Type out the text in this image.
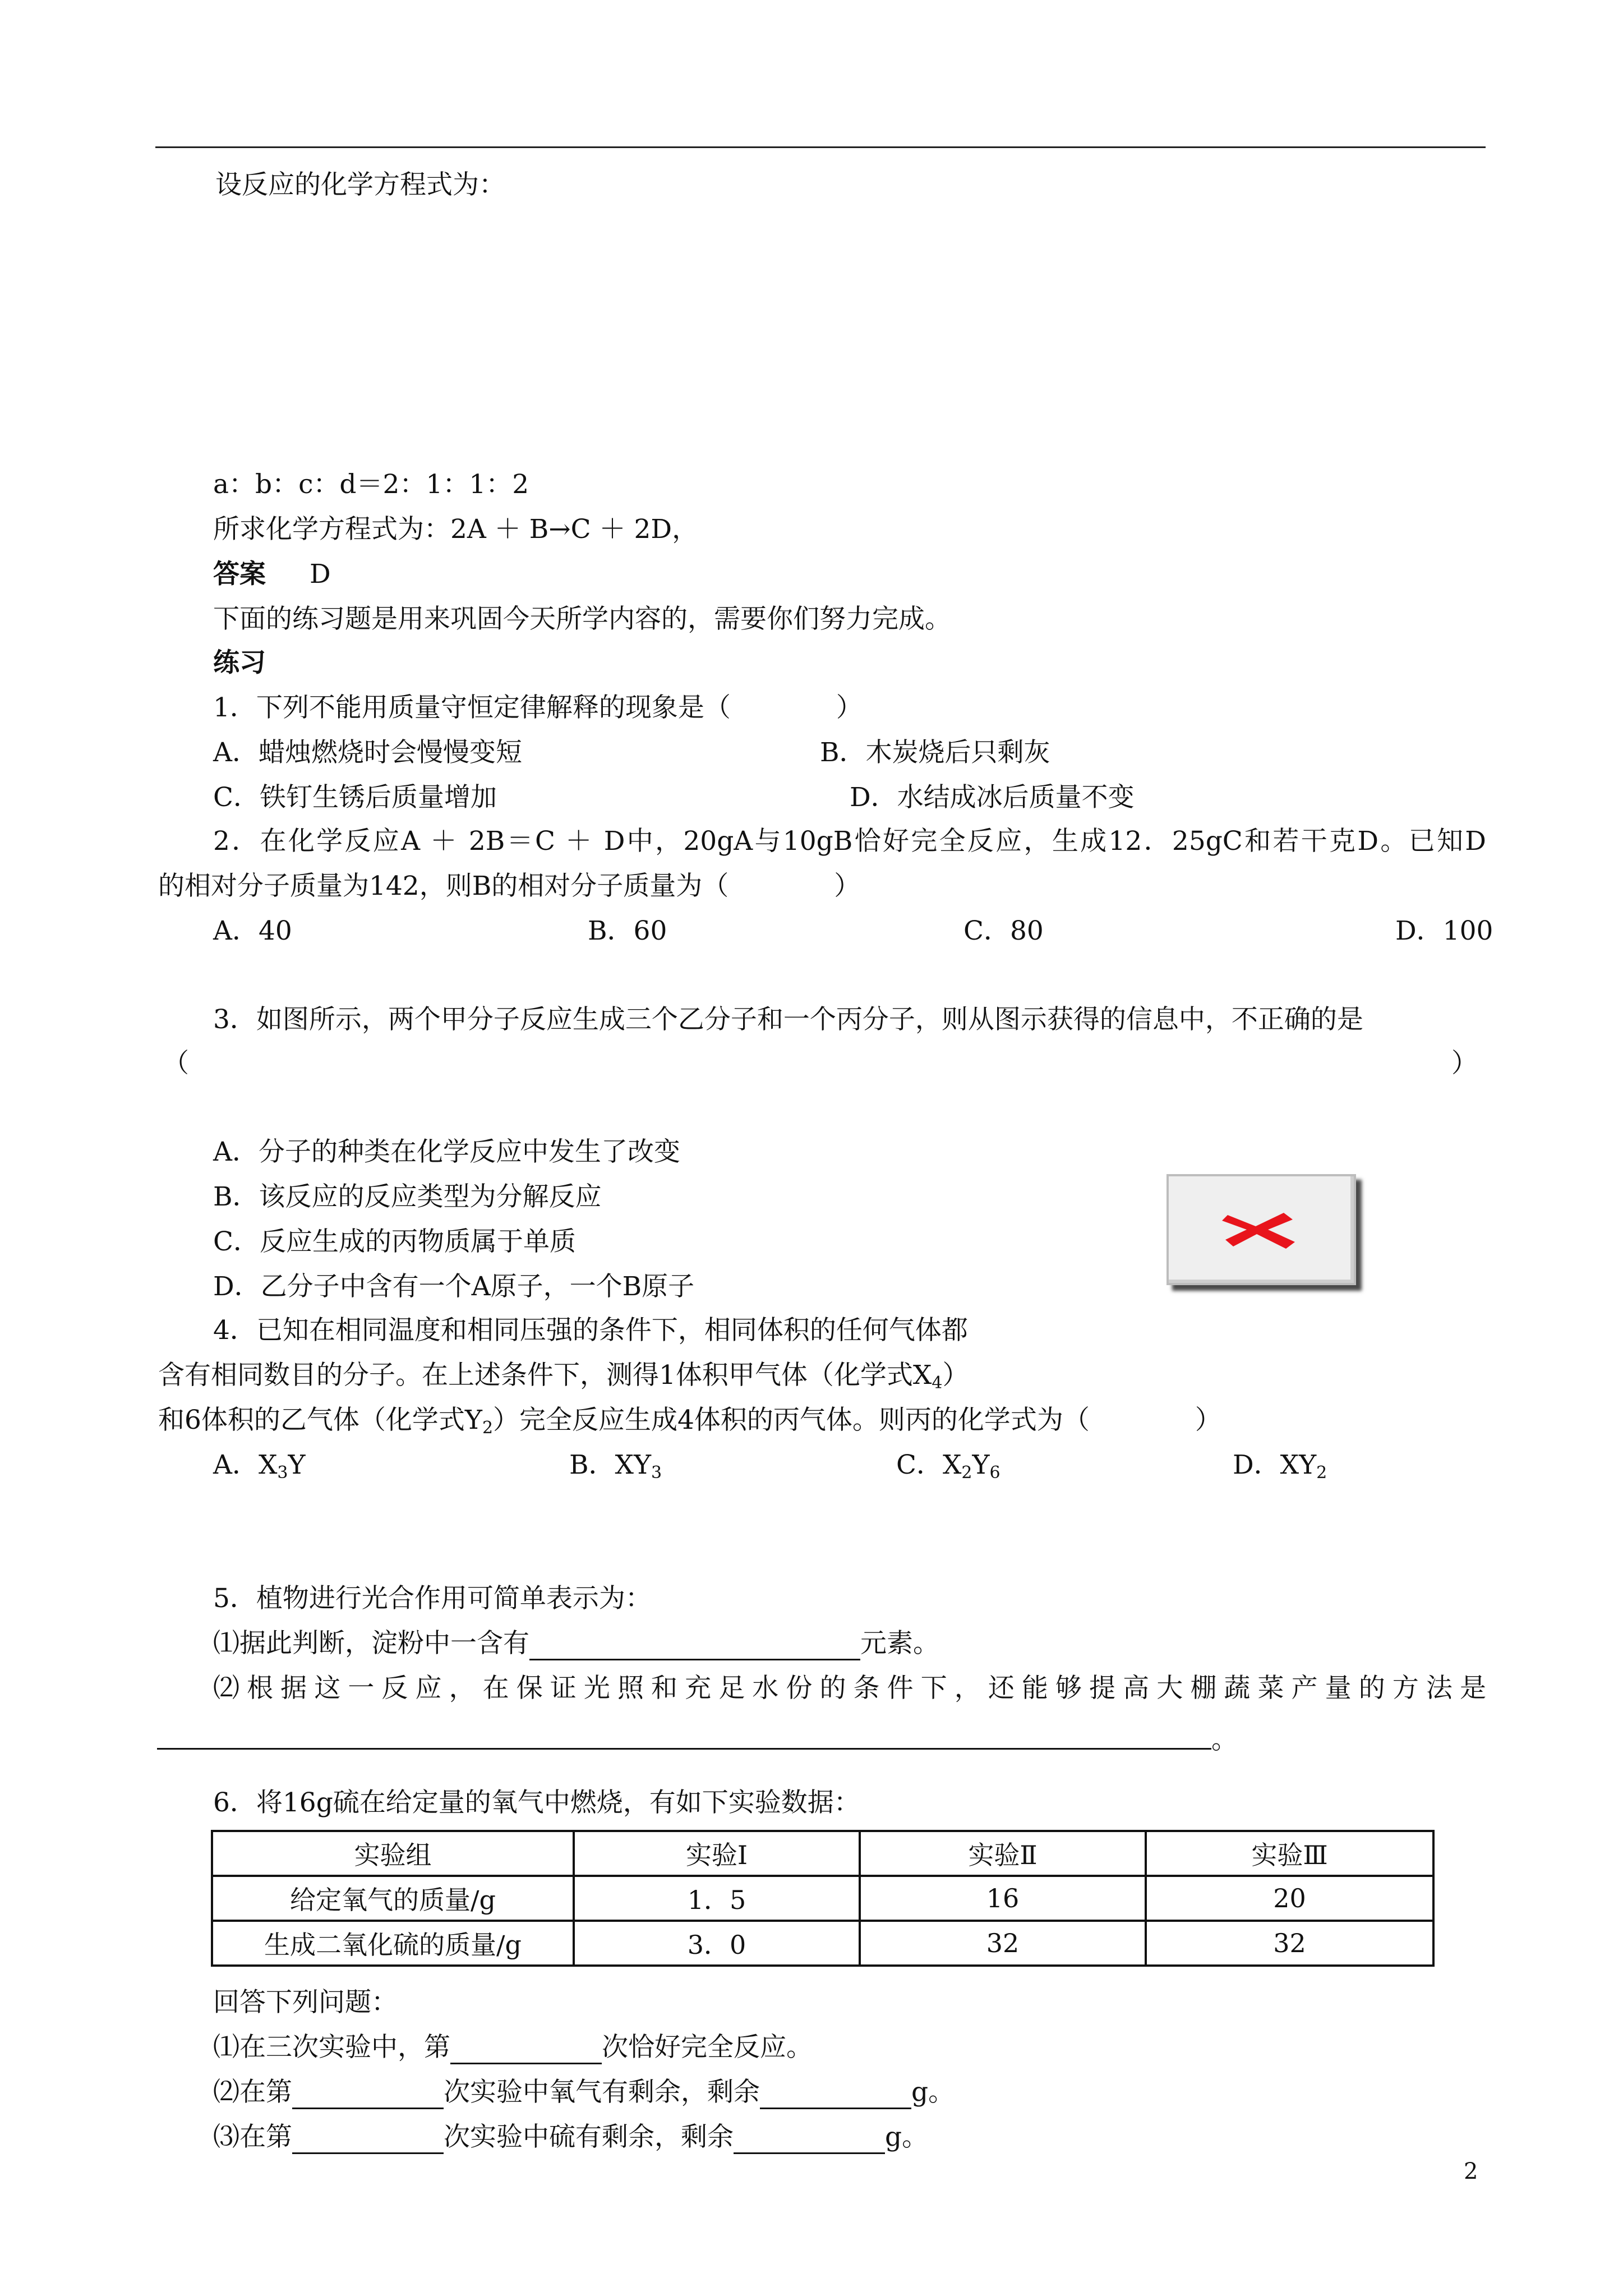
设反应的化学方程式为：
a：b：c：d＝2：1：1：2
所求化学方程式为：2A ＋ B→C ＋ 2D，
答案 D
下面的练习题是用来巩固今天所学内容的，需要你们努力完成。
练习
1．下列不能用质量守恒定律解释的现象是（　　　　）
A．蜡烛燃烧时会慢慢变短	B．木炭烧后只剩灰
C．铁钉生锈后质量增加	D．水结成冰后质量不变
2．在化学反应A ＋ 2B＝C ＋ D中，20gA与10gB恰好完全反应，生成12．25gC和若干克D。已知D
的相对分子质量为142，则B的相对分子质量为（　　　　）
A．40	B．60	C．80	D．100
3．如图所示，两个甲分子反应生成三个乙分子和一个丙分子，则从图示获得的信息中，不正确的是
（	）
A．分子的种类在化学反应中发生了改变
B．该反应的反应类型为分解反应
C．反应生成的丙物质属于单质
D．乙分子中含有一个A原子，一个B原子
4．已知在相同温度和相同压强的条件下，相同体积的任何气体都
含有相同数目的分子。在上述条件下，测得1体积甲气体（化学式$X_4$）
和6体积的乙气体（化学式$Y_2$）完全反应生成4体积的丙气体。则丙的化学式为（　　　　）
A．$X_3Y$	B．$XY_3$	C．$X_2Y_6$	D．$XY_2$
5．植物进行光合作用可简单表示为：
⑴据此判断，淀粉中一含有	元素。
⑵根据这一反应，在保证光照和充足水份的条件下，还能够提高大棚蔬菜产量的方法是
。
6．将16g硫在给定量的氧气中燃烧，有如下实验数据：
实验组	实验Ⅰ	实验Ⅱ	实验Ⅲ
给定氧气的质量/g	1．5	16	20
生成二氧化硫的质量/g	3．0	32	32
回答下列问题：
⑴在三次实验中，第	次恰好完全反应。
⑵在第	次实验中氧气有剩余，剩余	g。
⑶在第	次实验中硫有剩余，剩余	g。
2
